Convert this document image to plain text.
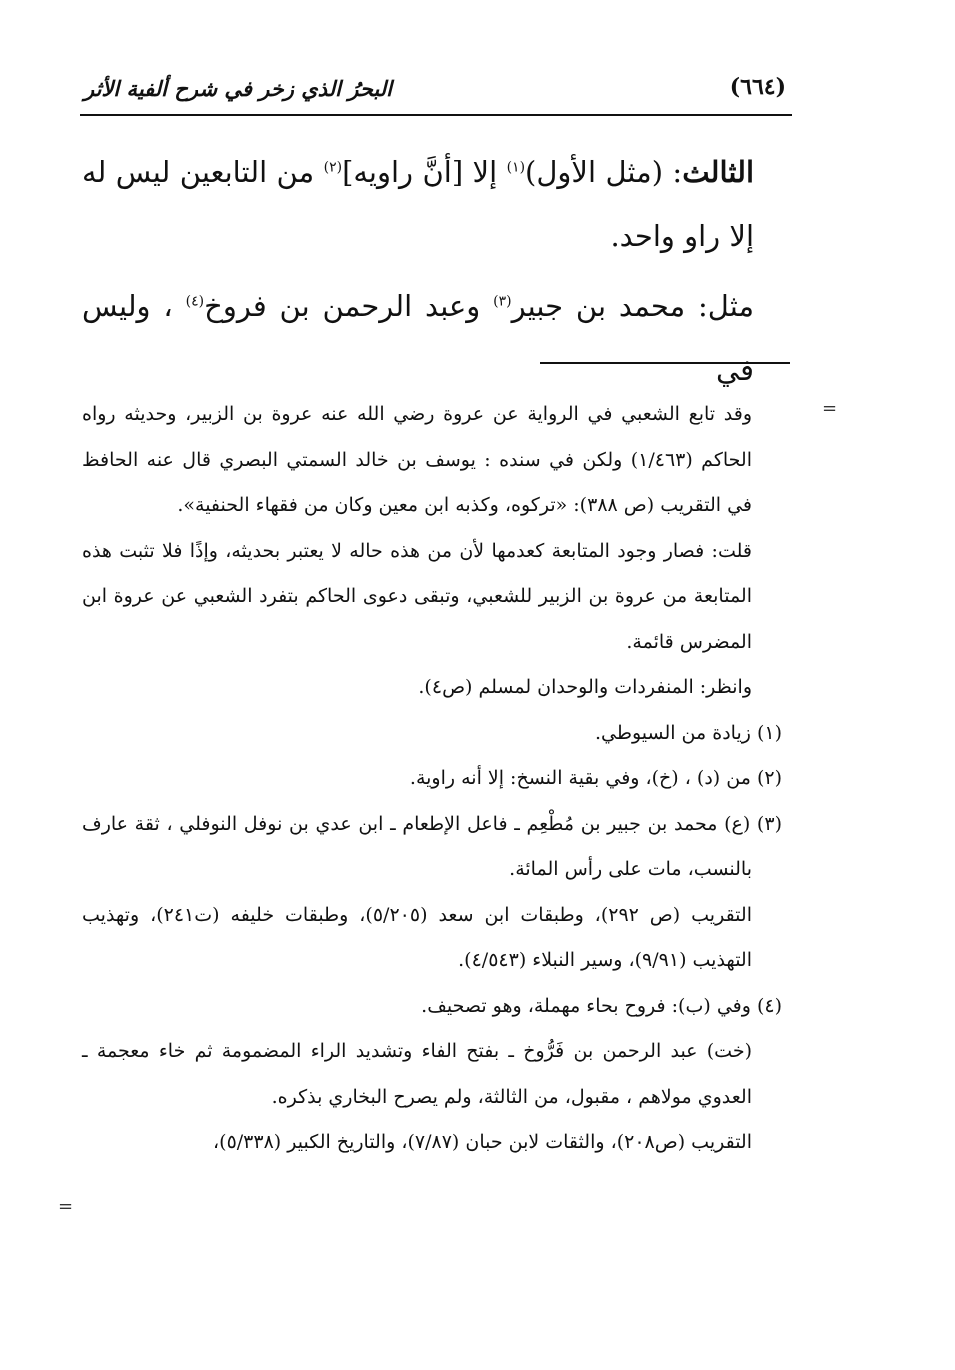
(٦٦٤)
البحرُ الذي زخر في شرح ألفية الأثر

الثالث: (مثل الأول)$^{(١)}$ إلا [أنَّ راويه]$^{(٢)}$ من التابعين ليس له إلا راو واحد.

مثل: محمد بن جبير$^{(٣)}$ وعبد الرحمن بن فروخ$^{(٤)}$ ، وليس في

وقد تابع الشعبي في الرواية عن عروة رضي الله عنه عروة بن الزبير، وحديثه رواه الحاكم (١/٤٦٣) ولكن في سنده : يوسف بن خالد السمتي البصري قال عنه الحافظ في التقريب (ص ٣٨٨): «تركوه، وكذبه ابن معين وكان من فقهاء الحنفية».

قلت: فصار وجود المتابعة كعدمها لأن من هذه حاله لا يعتبر بحديثه، وإذًا فلا تثبت هذه المتابعة من عروة بن الزبير للشعبي، وتبقى دعوى الحاكم بتفرد الشعبي عن عروة ابن المضرس قائمة.

وانظر: المنفردات والوحدان لمسلم (ص٤).

(١) زيادة من السيوطي.

(٢) من (د) ، (خ)، وفي بقية النسخ: إلا أنه راوية.

(٣) (ع) محمد بن جبير بن مُطْعِم ـ فاعل الإطعام ـ ابن عدي بن نوفل النوفلي ، ثقة عارف بالنسب، مات على رأس المائة.

التقريب (ص ٢٩٢)، وطبقات ابن سعد (٥/٢٠٥)، وطبقات خليفه (ت٢٤١)، وتهذيب التهذيب (٩/٩١)، وسير النبلاء (٤/٥٤٣).

(٤) وفي (ب): فروح بحاء مهملة، وهو تصحيف.

(خت) عبد الرحمن بن فَرُّوخ ـ بفتح الفاء وتشديد الراء المضمومة ثم خاء معجمة ـ العدوي مولاهم ، مقبول، من الثالثة، ولم يصرح البخاري بذكره.

التقريب (ص٢٠٨)، والثقات لابن حبان (٧/٨٧)، والتاريخ الكبير (٥/٣٣٨)،

=
=
